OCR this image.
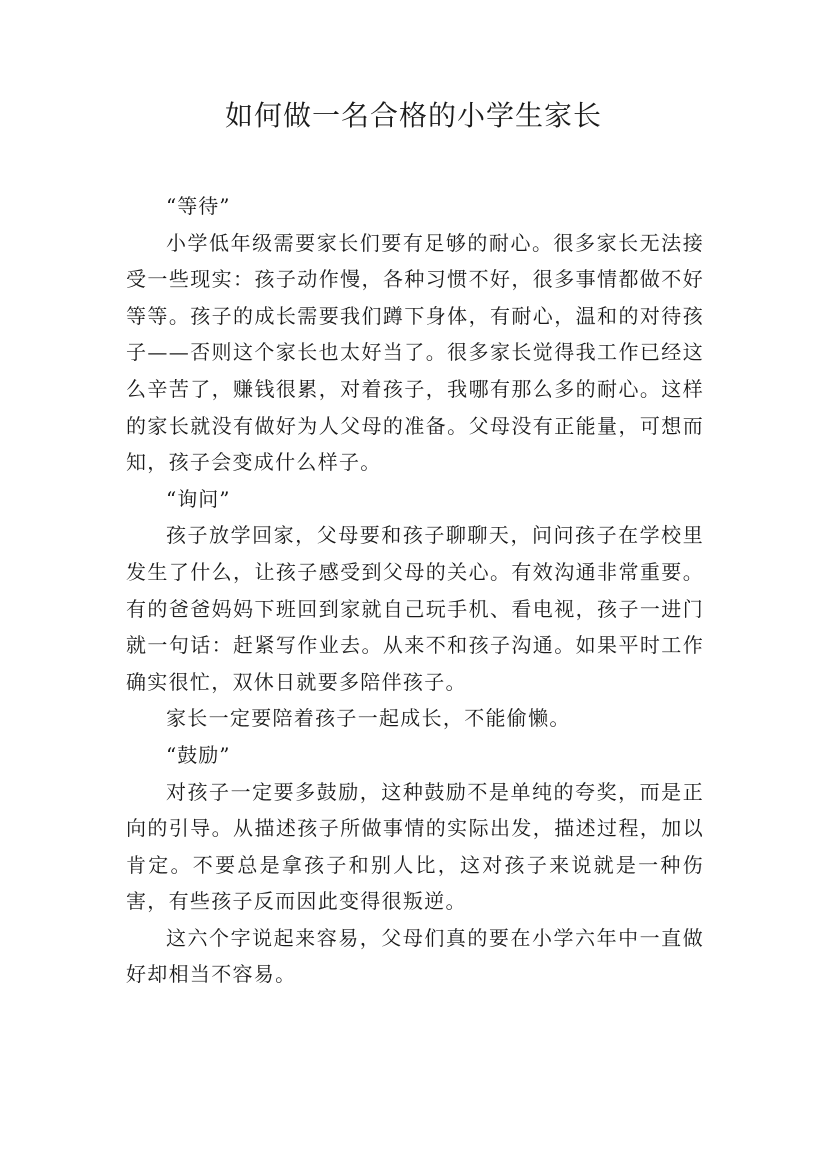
如何做一名合格的小学生家长

“等待”

小学低年级需要家长们要有足够的耐心。很多家长无法接受一些现实：孩子动作慢，各种习惯不好，很多事情都做不好等等。孩子的成长需要我们蹲下身体，有耐心，温和的对待孩子——否则这个家长也太好当了。很多家长觉得我工作已经这么辛苦了，赚钱很累，对着孩子，我哪有那么多的耐心。这样的家长就没有做好为人父母的准备。父母没有正能量，可想而知，孩子会变成什么样子。

“询问”

孩子放学回家，父母要和孩子聊聊天，问问孩子在学校里发生了什么，让孩子感受到父母的关心。有效沟通非常重要。有的爸爸妈妈下班回到家就自己玩手机、看电视，孩子一进门就一句话：赶紧写作业去。从来不和孩子沟通。如果平时工作确实很忙，双休日就要多陪伴孩子。

家长一定要陪着孩子一起成长，不能偷懒。

“鼓励”

对孩子一定要多鼓励，这种鼓励不是单纯的夸奖，而是正向的引导。从描述孩子所做事情的实际出发，描述过程，加以肯定。不要总是拿孩子和别人比，这对孩子来说就是一种伤害，有些孩子反而因此变得很叛逆。

这六个字说起来容易，父母们真的要在小学六年中一直做好却相当不容易。
